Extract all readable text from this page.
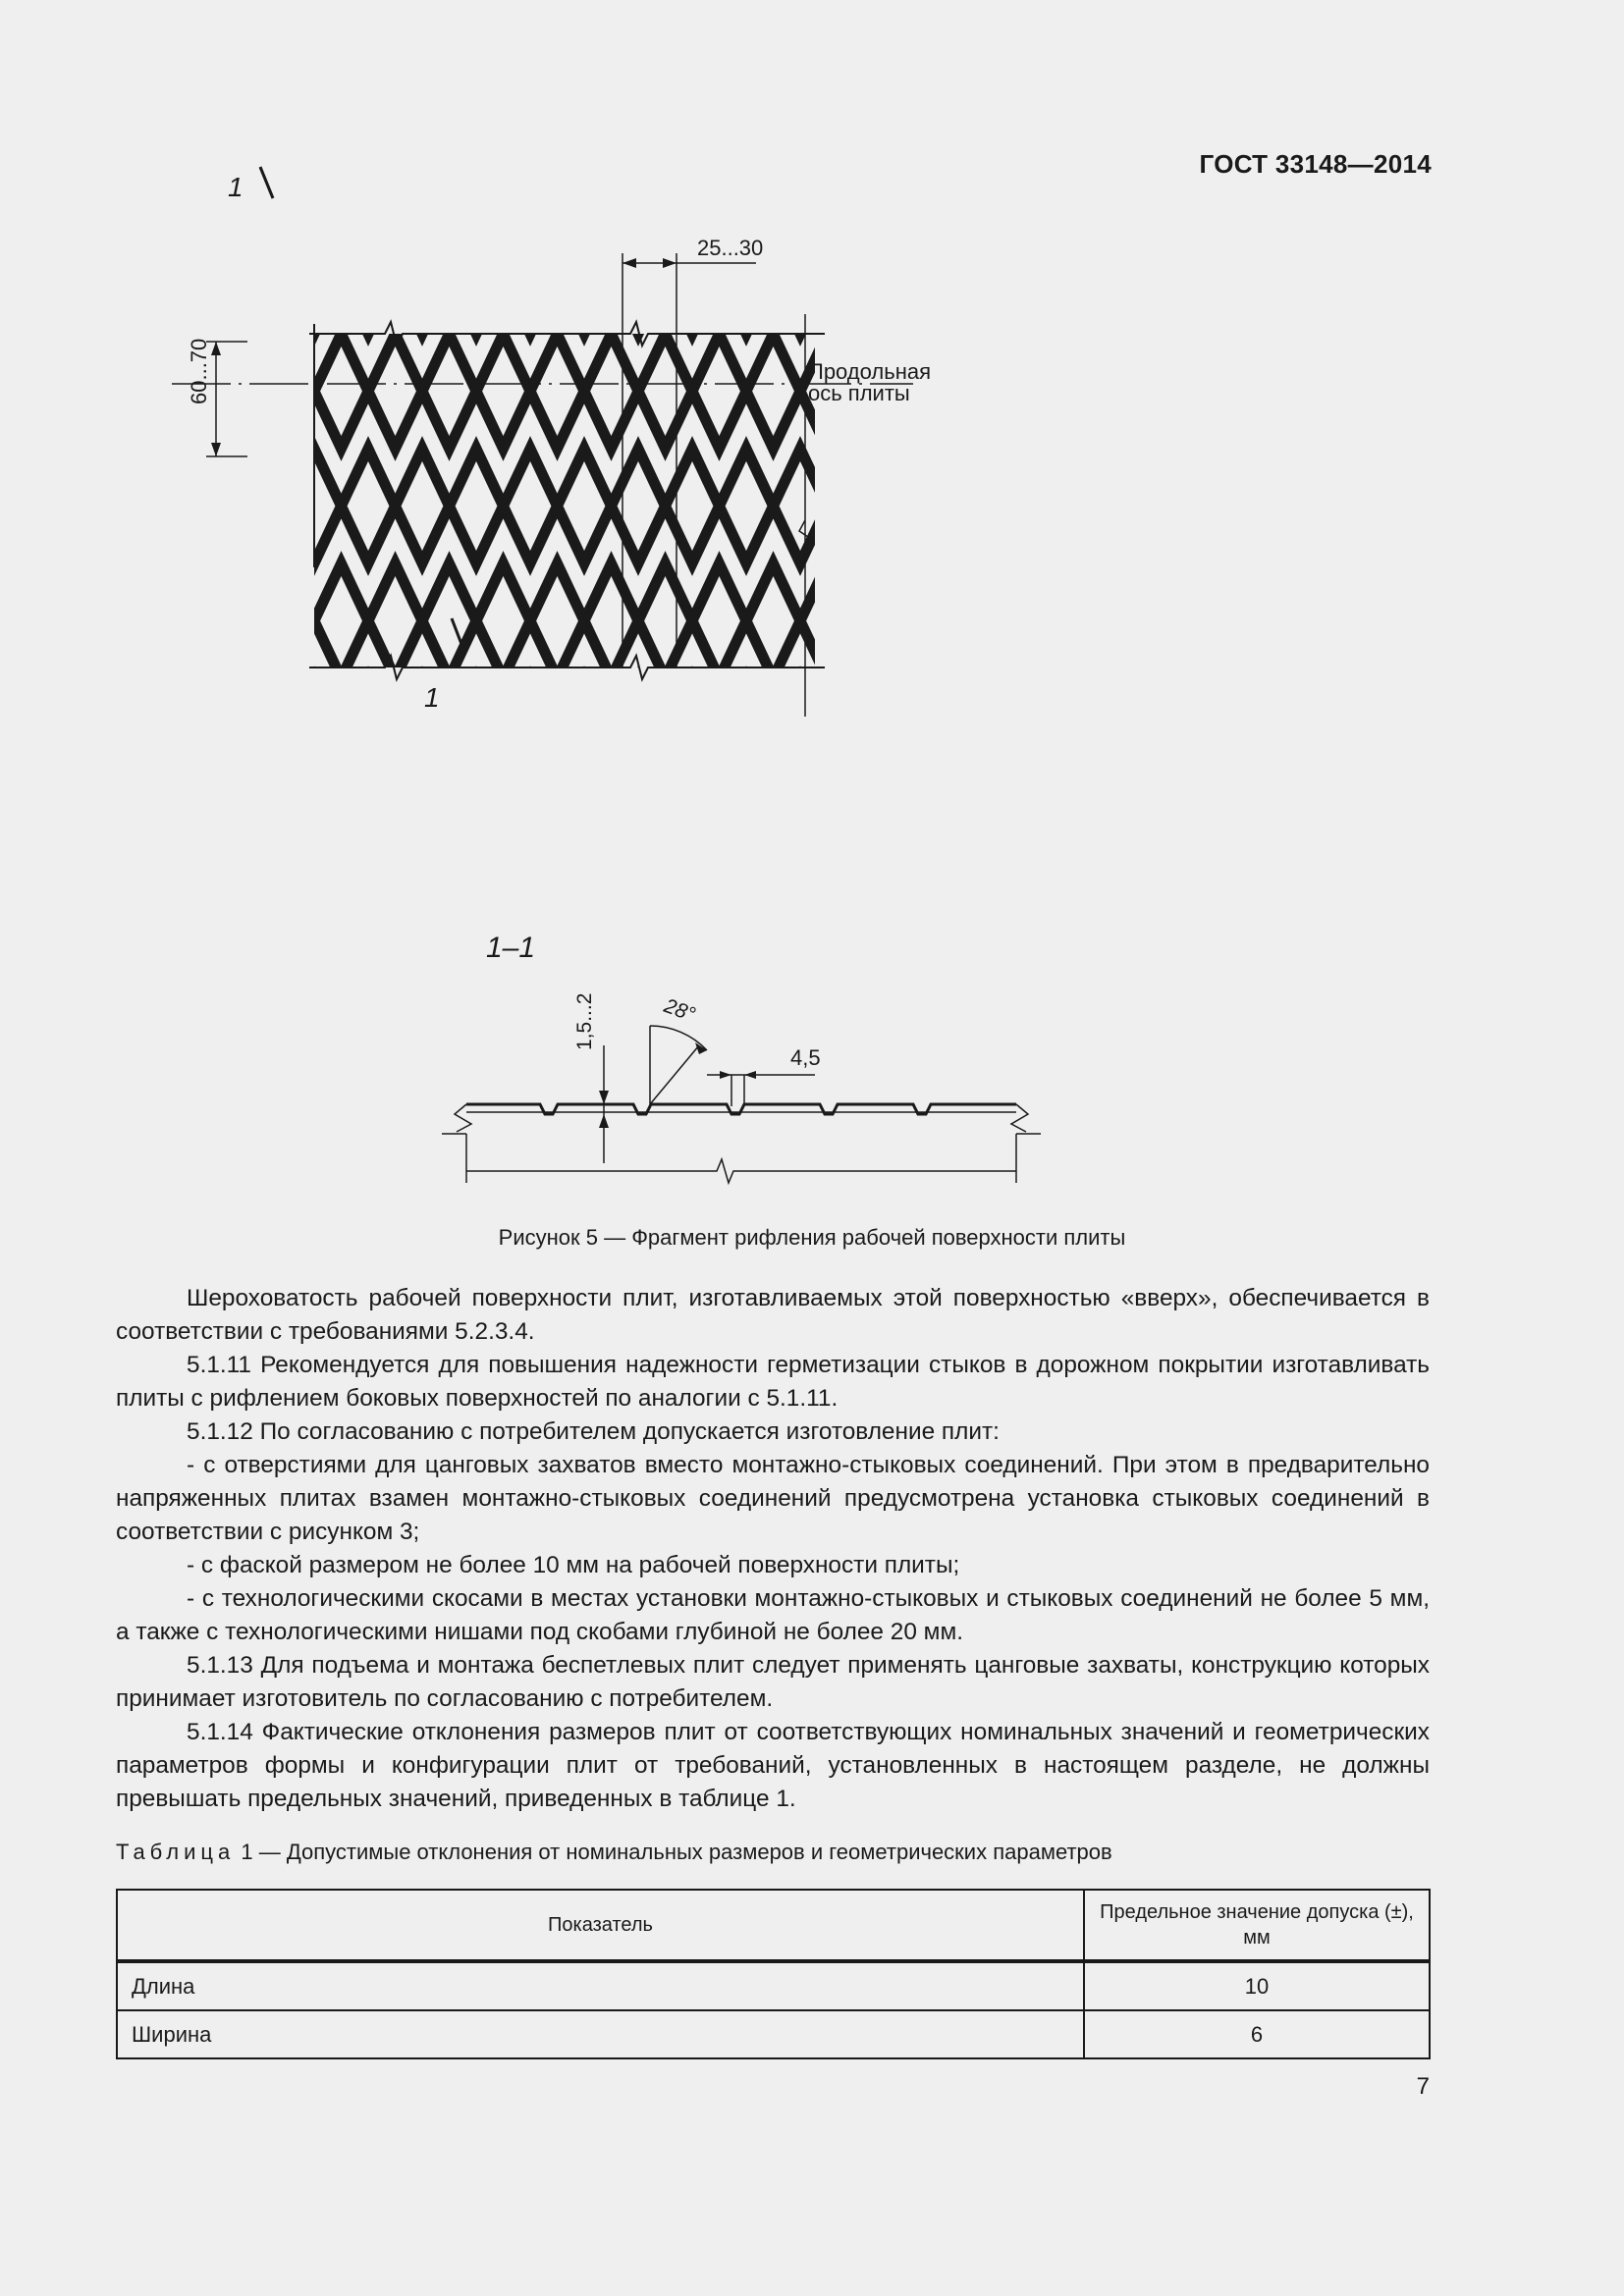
ГОСТ 33148—2014
25...30
60...70	Продольная
ось плиты
1
1
1–1
1,5...2	28°
4,5
Рисунок 5 — Фрагмент рифления рабочей поверхности плиты

Шероховатость рабочей поверхности плит, изготавливаемых этой поверхностью «вверх», обеспечивается в соответствии с требованиями 5.2.3.4.

5.1.11 Рекомендуется для повышения надежности герметизации стыков в дорожном покрытии изготавливать плиты с рифлением боковых поверхностей по аналогии с 5.1.11.

5.1.12 По согласованию с потребителем допускается изготовление плит:

- с отверстиями для цанговых захватов вместо монтажно-стыковых соединений. При этом в предварительно напряженных плитах взамен монтажно-стыковых соединений предусмотрена установка стыковых соединений в соответствии с рисунком 3;

- с фаской размером не более 10 мм на рабочей поверхности плиты;

- с технологическими скосами в местах установки монтажно-стыковых и стыковых соединений не более 5 мм, а также с технологическими нишами под скобами глубиной не более 20 мм.

5.1.13 Для подъема и монтажа беспетлевых плит следует применять цанговые захваты, конструкцию которых принимает изготовитель по согласованию с потребителем.

5.1.14 Фактические отклонения размеров плит от соответствующих номинальных значений и геометрических параметров формы и конфигурации плит от требований, установленных в настоящем разделе, не должны превышать предельных значений, приведенных в таблице 1.

Таблица 1 — Допустимые отклонения от номинальных размеров и геометрических параметров
Показатель	Предельное значение допуска (±), мм
Длина	10
Ширина	6
7
